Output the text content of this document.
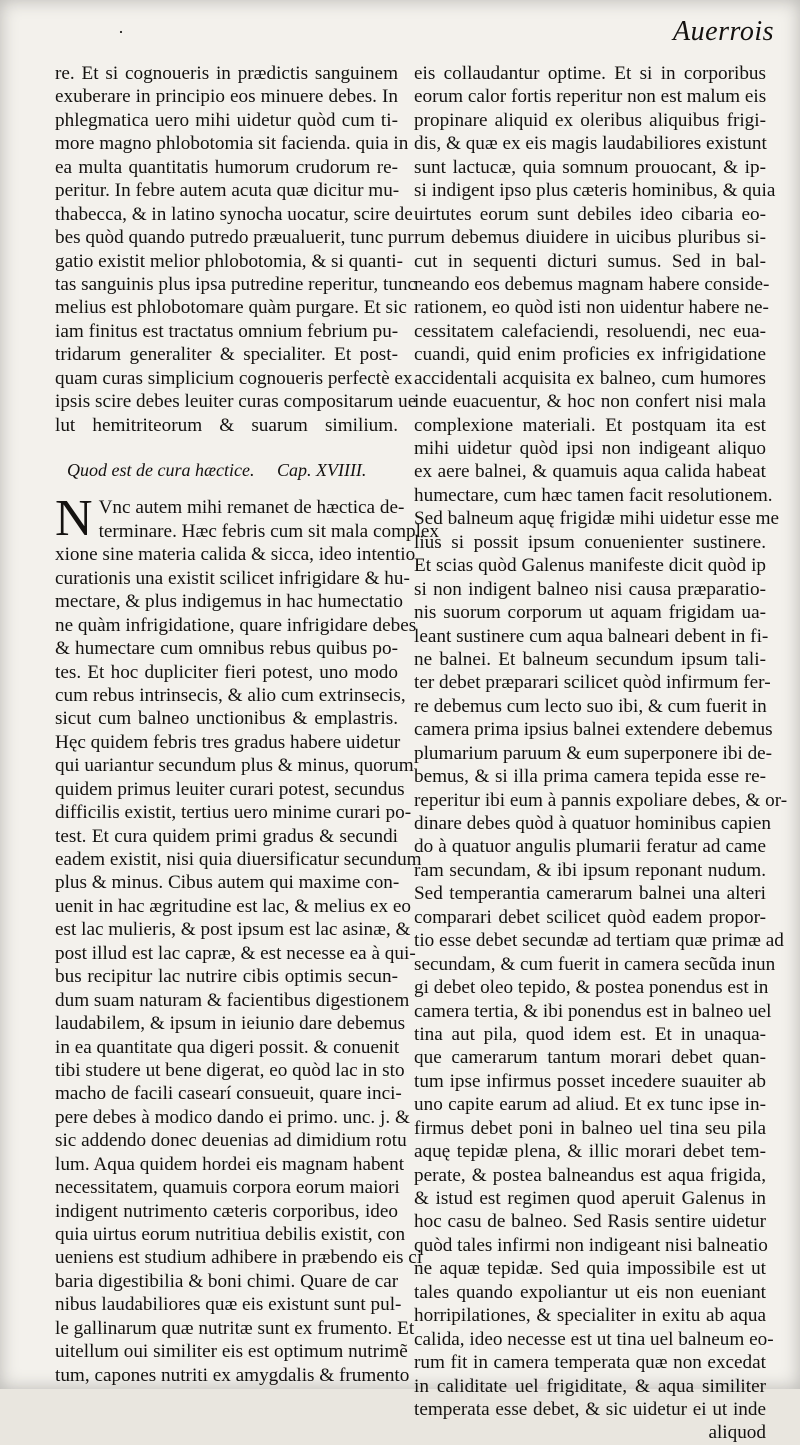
·	Auerrois
re. Et si cognoueris in prædictis sanguinem
exuberare in principio eos minuere debes. In
phlegmatica uero mihi uidetur quòd cum ti-
more magno phlobotomia sit facienda. quia in
ea multa quantitatis humorum crudorum re-
peritur. In febre autem acuta quæ dicitur mu-
thabecca, & in latino synocha uocatur, scire de
bes quòd quando putredo præualuerit, tunc pur
gatio existit melior phlobotomia, & si quanti-
tas sanguinis plus ipsa putredine reperitur, tunc
melius est phlobotomare quàm purgare. Et sic
iam finitus est tractatus omnium febrium pu-
tridarum generaliter & specialiter. Et post-
quam curas simplicium cognoueris perfectè ex
ipsis scire debes leuiter curas compositarum ue
lut hemitriteorum & suarum similium.
Quod est de cura hæctice. Cap. XVIIII.
N Vnc autem mihi remanet de hæctica de-
terminare. Hæc febris cum sit mala complex
xione sine materia calida & sicca, ideo intentio
curationis una existit scilicet infrigidare & hu-
mectare, & plus indigemus in hac humectatio
ne quàm infrigidatione, quare infrigidare debes
& humectare cum omnibus rebus quibus po-
tes. Et hoc dupliciter fieri potest, uno modo
cum rebus intrinsecis, & alio cum extrinsecis,
sicut cum balneo unctionibus & emplastris.
Hęc quidem febris tres gradus habere uidetur
qui uariantur secundum plus & minus, quorum
quidem primus leuiter curari potest, secundus
difficilis existit, tertius uero minime curari po-
test. Et cura quidem primi gradus & secundi
eadem existit, nisi quia diuersificatur secundum
plus & minus. Cibus autem qui maxime con-
uenit in hac ægritudine est lac, & melius ex eo
est lac mulieris, & post ipsum est lac asinæ, &
post illud est lac capræ, & est necesse ea à qui-
bus recipitur lac nutrire cibis optimis secun-
dum suam naturam & facientibus digestionem
laudabilem, & ipsum in ieiunio dare debemus
in ea quantitate qua digeri possit. & conuenit
tibi studere ut bene digerat, eo quòd lac in sto
macho de facili casearí consueuit, quare inci-
pere debes à modico dando ei primo. unc. j. &
sic addendo donec deuenias ad dimidium rotu
lum. Aqua quidem hordei eis magnam habent
necessitatem, quamuis corpora eorum maiori
indigent nutrimento cæteris corporibus, ideo
quia uirtus eorum nutritiua debilis existit, con
ueniens est studium adhibere in præbendo eis ci
baria digestibilia & boni chimi. Quare de car
nibus laudabiliores quæ eis existunt sunt pul-
le gallinarum quæ nutritæ sunt ex frumento. Et
uitellum oui similiter eis est optimum nutrimẽ
tum, capones nutriti ex amygdalis & frumento
eis collaudantur optime. Et si in corporibus
eorum calor fortis reperitur non est malum eis
propinare aliquid ex oleribus aliquibus frigi-
dis, & quæ ex eis magis laudabiliores existunt
sunt lactucæ, quia somnum prouocant, & ip-
si indigent ipso plus cæteris hominibus, & quia
uirtutes eorum sunt debiles ideo cibaria eo-
rum debemus diuidere in uicibus pluribus si-
cut in sequenti dicturi sumus. Sed in bal-
neando eos debemus magnam habere conside-
rationem, eo quòd isti non uidentur habere ne-
cessitatem calefaciendi, resoluendi, nec eua-
cuandi, quid enim proficies ex infrigidatione
accidentali acquisita ex balneo, cum humores
inde euacuentur, & hoc non confert nisi mala
complexione materiali. Et postquam ita est
mihi uidetur quòd ipsi non indigeant aliquo
ex aere balnei, & quamuis aqua calida habeat
humectare, cum hæc tamen facit resolutionem.
Sed balneum aquę frigidæ mihi uidetur esse me
lius si possit ipsum conuenienter sustinere.
Et scias quòd Galenus manifeste dicit quòd ip
si non indigent balneo nisi causa præparatio-
nis suorum corporum ut aquam frigidam ua-
leant sustinere cum aqua balneari debent in fi-
ne balnei. Et balneum secundum ipsum tali-
ter debet præparari scilicet quòd infirmum fer-
re debemus cum lecto suo ibi, & cum fuerit in
camera prima ipsius balnei extendere debemus
plumarium paruum & eum superponere ibi de-
bemus, & si illa prima camera tepida esse re-
reperitur ibi eum à pannis expoliare debes, & or-
dinare debes quòd à quatuor hominibus capien
do à quatuor angulis plumarii feratur ad came
ram secundam, & ibi ipsum reponant nudum.
Sed temperantia camerarum balnei una alteri
comparari debet scilicet quòd eadem propor-
tio esse debet secundæ ad tertiam quæ primæ ad
secundam, & cum fuerit in camera secũda inun
gi debet oleo tepido, & postea ponendus est in
camera tertia, & ibi ponendus est in balneo uel
tina aut pila, quod idem est. Et in unaqua-
que camerarum tantum morari debet quan-
tum ipse infirmus posset incedere suauiter ab
uno capite earum ad aliud. Et ex tunc ipse in-
firmus debet poni in balneo uel tina seu pila
aquę tepidæ plena, & illic morari debet tem-
perate, & postea balneandus est aqua frigida,
& istud est regimen quod aperuit Galenus in
hoc casu de balneo. Sed Rasis sentire uidetur
quòd tales infirmi non indigeant nisi balneatio
ne aquæ tepidæ. Sed quia impossibile est ut
tales quando expoliantur ut eis non eueniant
horripilationes, & specialiter in exitu ab aqua
calida, ideo necesse est ut tina uel balneum eo-
rum fit in camera temperata quæ non excedat
in caliditate uel frigiditate, & aqua similiter
temperata esse debet, & sic uidetur ei ut inde
aliquod
